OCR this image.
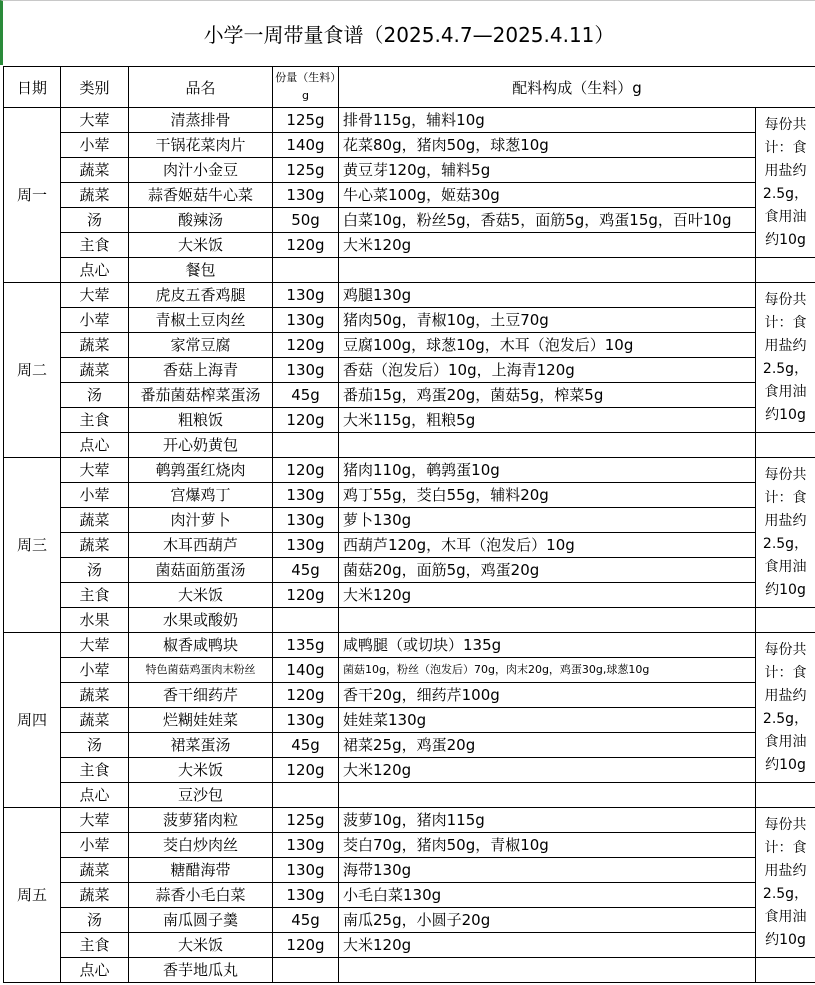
小学一周带量食谱（2025.4.7—2025.4.11）
日期	类别	品名	份量（生料）g	配料构成（生料）g	
周一	大荤	清蒸排骨	125g	排骨115g，辅料10g	每份共计：食用盐约2.5g，食用油约10g
	小荤	干锅花菜肉片	140g	花菜80g，猪肉50g，球葱10g	
	蔬菜	肉汁小金豆	125g	黄豆芽120g，辅料5g	
	蔬菜	蒜香姬菇牛心菜	130g	牛心菜100g，姬菇30g	
	汤	酸辣汤	50g	白菜10g，粉丝5g，香菇5，面筋5g，鸡蛋15g，百叶10g	
	主食	大米饭	120g	大米120g	
	点心	餐包			
周二	大荤	虎皮五香鸡腿	130g	鸡腿130g	每份共计：食用盐约2.5g，食用油约10g
	小荤	青椒土豆肉丝	130g	猪肉50g，青椒10g，土豆70g	
	蔬菜	家常豆腐	120g	豆腐100g，球葱10g，木耳（泡发后）10g	
	蔬菜	香菇上海青	130g	香菇（泡发后）10g，上海青120g	
	汤	番茄菌菇榨菜蛋汤	45g	番茄15g，鸡蛋20g，菌菇5g，榨菜5g	
	主食	粗粮饭	120g	大米115g，粗粮5g	
	点心	开心奶黄包			
周三	大荤	鹌鹑蛋红烧肉	120g	猪肉110g，鹌鹑蛋10g	每份共计：食用盐约2.5g，食用油约10g
	小荤	宫爆鸡丁	130g	鸡丁55g，茭白55g，辅料20g	
	蔬菜	肉汁萝卜	130g	萝卜130g	
	蔬菜	木耳西葫芦	130g	西葫芦120g，木耳（泡发后）10g	
	汤	菌菇面筋蛋汤	45g	菌菇20g，面筋5g，鸡蛋20g	
	主食	大米饭	120g	大米120g	
	水果	水果或酸奶			
周四	大荤	椒香咸鸭块	135g	咸鸭腿（或切块）135g	每份共计：食用盐约2.5g，食用油约10g
	小荤	特色菌菇鸡蛋肉末粉丝	140g	菌菇10g，粉丝（泡发后）70g，肉末20g，鸡蛋30g,球葱10g	
	蔬菜	香干细药芹	120g	香干20g，细药芹100g	
	蔬菜	烂糊娃娃菜	130g	娃娃菜130g	
	汤	裙菜蛋汤	45g	裙菜25g，鸡蛋20g	
	主食	大米饭	120g	大米120g	
	点心	豆沙包			
周五	大荤	菠萝猪肉粒	125g	菠萝10g，猪肉115g	每份共计：食用盐约2.5g，食用油约10g
	小荤	茭白炒肉丝	130g	茭白70g，猪肉50g，青椒10g	
	蔬菜	糖醋海带	130g	海带130g	
	蔬菜	蒜香小毛白菜	130g	小毛白菜130g	
	汤	南瓜圆子羹	45g	南瓜25g，小圆子20g	
	主食	大米饭	120g	大米120g	
	点心	香芋地瓜丸			
